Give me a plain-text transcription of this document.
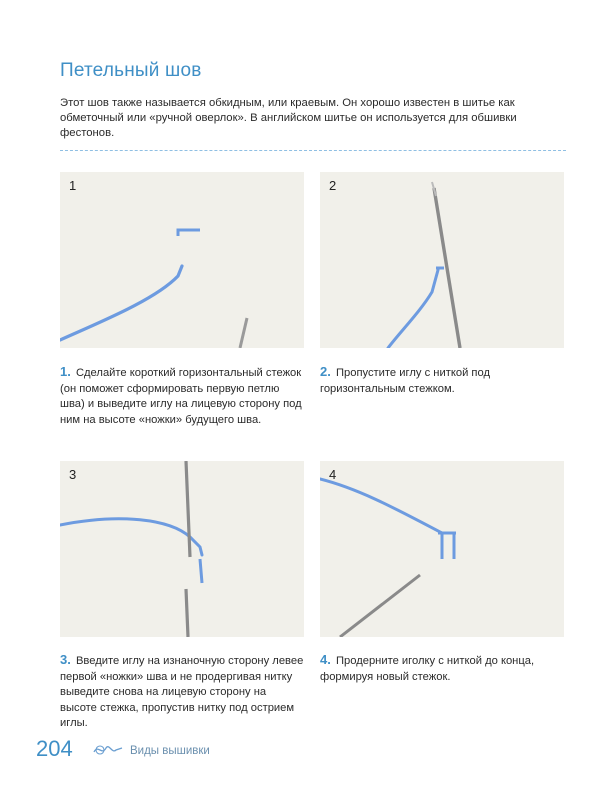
Петельный шов
Этот шов также называется обкидным, или краевым. Он хорошо известен в шитье как обметочный или «ручной оверлок». В английском шитье он используется для обшивки фестонов.
1	2
3	4
1. Сделайте короткий горизонтальный стежок (он поможет сформировать первую петлю шва) и выведите иглу на лицевую сторону под ним на высоте «ножки» будущего шва.
2. Пропустите иглу с ниткой под горизонтальным стежком.
3. Введите иглу на изнаночную сторону левее первой «ножки» шва и не продергивая нитку выведите снова на лицевую сторону на высоте стежка, пропустив нитку под острием иглы.
4. Продерните иголку с ниткой до конца, формируя новый стежок.
204	Виды вышивки
